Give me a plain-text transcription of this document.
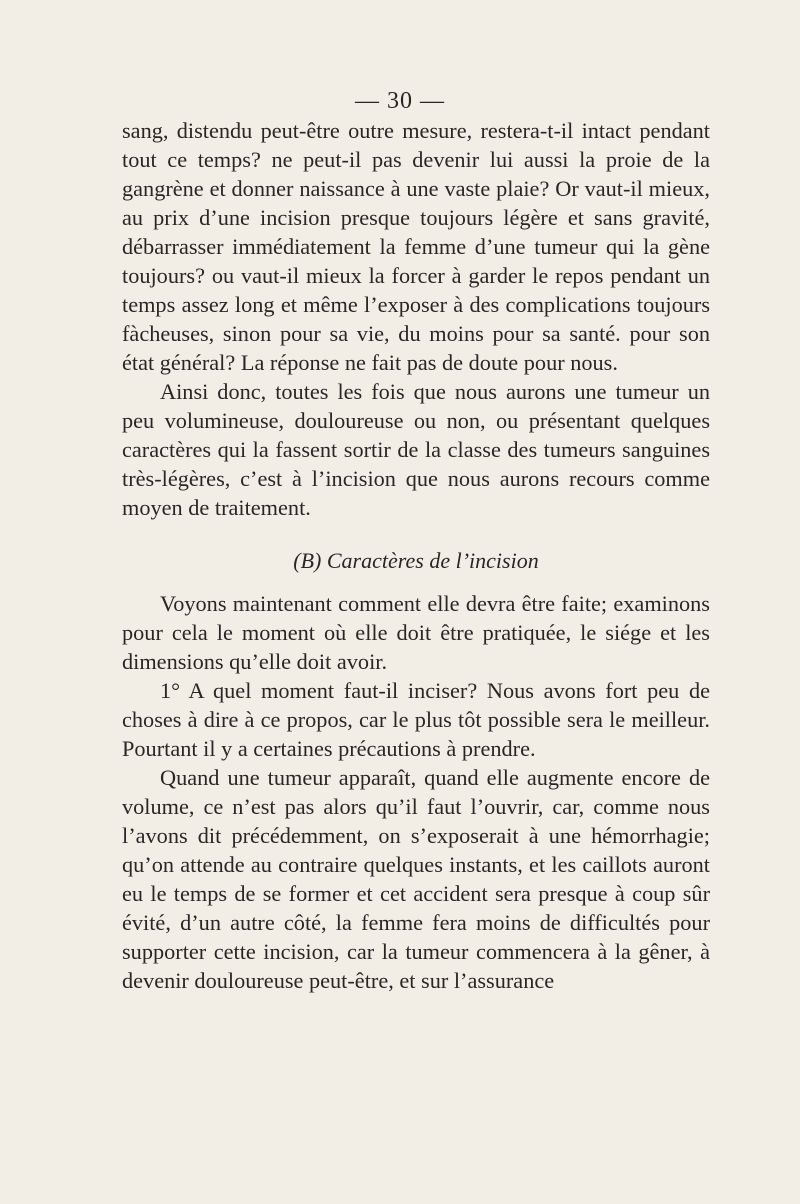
— 30 —

sang, distendu peut-être outre mesure, restera-t-il intact pendant tout ce temps? ne peut-il pas devenir lui aussi la proie de la gangrène et donner naissance à une vaste plaie? Or vaut-il mieux, au prix d’une incision presque toujours légère et sans gravité, débarrasser immédiatement la femme d’une tumeur qui la gène toujours? ou vaut-il mieux la forcer à garder le repos pendant un temps assez long et même l’exposer à des complications toujours fàcheuses, sinon pour sa vie, du moins pour sa santé. pour son état général? La réponse ne fait pas de doute pour nous.

Ainsi donc, toutes les fois que nous aurons une tumeur un peu volumineuse, douloureuse ou non, ou présentant quelques caractères qui la fassent sortir de la classe des tumeurs sanguines très-légères, c’est à l’incision que nous aurons recours comme moyen de traitement.

(B) Caractères de l’incision

Voyons maintenant comment elle devra être faite; examinons pour cela le moment où elle doit être pratiquée, le siége et les dimensions qu’elle doit avoir.

1° A quel moment faut-il inciser? Nous avons fort peu de choses à dire à ce propos, car le plus tôt possible sera le meilleur. Pourtant il y a certaines précautions à prendre.

Quand une tumeur apparaît, quand elle augmente encore de volume, ce n’est pas alors qu’il faut l’ouvrir, car, comme nous l’avons dit précédemment, on s’exposerait à une hémorrhagie; qu’on attende au contraire quelques instants, et les caillots auront eu le temps de se former et cet accident sera presque à coup sûr évité, d’un autre côté, la femme fera moins de difficultés pour supporter cette incision, car la tumeur commencera à la gêner, à devenir douloureuse peut-être, et sur l’assurance
